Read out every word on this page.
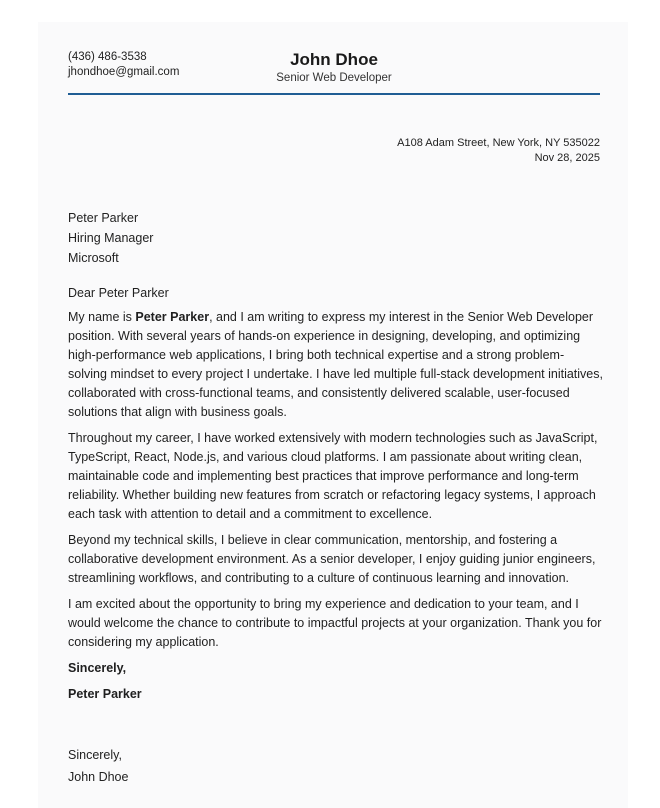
(436) 486-3538
jhondhoe@gmail.com
John Dhoe
Senior Web Developer
A108 Adam Street, New York, NY 535022
Nov 28, 2025
Peter Parker
Hiring Manager
Microsoft

Dear Peter Parker

My name is Peter Parker, and I am writing to express my interest in the Senior Web Developer position. With several years of hands-on experience in designing, developing, and optimizing high-performance web applications, I bring both technical expertise and a strong problem-solving mindset to every project I undertake. I have led multiple full-stack development initiatives, collaborated with cross-functional teams, and consistently delivered scalable, user-focused solutions that align with business goals.

Throughout my career, I have worked extensively with modern technologies such as JavaScript, TypeScript, React, Node.js, and various cloud platforms. I am passionate about writing clean, maintainable code and implementing best practices that improve performance and long-term reliability. Whether building new features from scratch or refactoring legacy systems, I approach each task with attention to detail and a commitment to excellence.

Beyond my technical skills, I believe in clear communication, mentorship, and fostering a collaborative development environment. As a senior developer, I enjoy guiding junior engineers, streamlining workflows, and contributing to a culture of continuous learning and innovation.

I am excited about the opportunity to bring my experience and dedication to your team, and I would welcome the chance to contribute to impactful projects at your organization. Thank you for considering my application.

Sincerely,

Peter Parker

Sincerely,
John Dhoe
